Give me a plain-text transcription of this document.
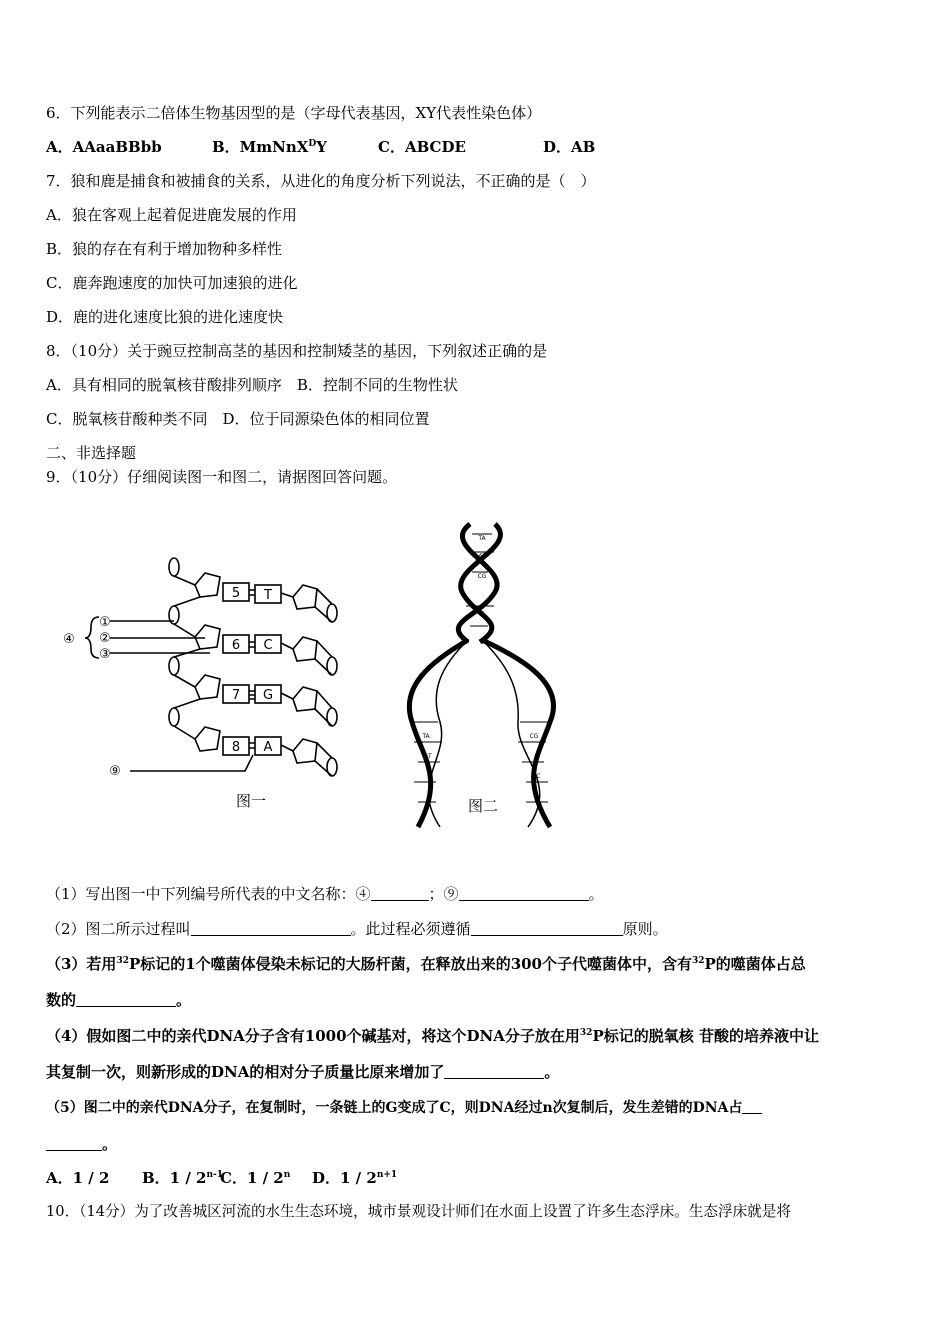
6．下列能表示二倍体生物基因型的是（字母代表基因，XY代表性染色体）
A．AAaaBBbb	B．MmNnX$^D$Y	C．ABCDE	D．AB
7．狼和鹿是捕食和被捕食的关系，从进化的角度分析下列说法，不正确的是（　）
A．狼在客观上起着促进鹿发展的作用
B．狼的存在有利于增加物种多样性
C．鹿奔跑速度的加快可加速狼的进化
D．鹿的进化速度比狼的进化速度快
8．（10分）关于豌豆控制高茎的基因和控制矮茎的基因，下列叙述正确的是
A．具有相同的脱氧核苷酸排列顺序　B．控制不同的生物性状
C．脱氧核苷酸种类不同　D．位于同源染色体的相同位置
二、非选择题
9．（10分）仔细阅读图一和图二，请据图回答问题。
④
①
②
③
⑨
5 T
6 C
7 G
8 A
图一
TA
AT
CG
GC
TA
AT
CG
GC
图二
（1）写出图一中下列编号所代表的中文名称：④	；⑨	。
（2）图二所示过程叫	。此过程必须遵循	原则。
（3）若用$^{32}$P标记的1个噬菌体侵染未标记的大肠杆菌，在释放出来的300个子代噬菌体中，含有$^{32}$P的噬菌体占总
数的	。
（4）假如图二中的亲代DNA分子含有1000个碱基对，将这个DNA分子放在用$^{32}$P标记的脱氧核 苷酸的培养液中让
其复制一次，则新形成的DNA的相对分子质量比原来增加了	。
（5）图二中的亲代DNA分子，在复制时，一条链上的G变成了C，则DNA经过n次复制后，发生差错的DNA占
。
A．1 / 2 B．1 / 2$^{n-1}$
C．1 / 2$^n$ D．$1 / 2^{n+1}$
10．（14分）为了改善城区河流的水生生态环境，城市景观设计师们在水面上设置了许多生态浮床。生态浮床就是将
